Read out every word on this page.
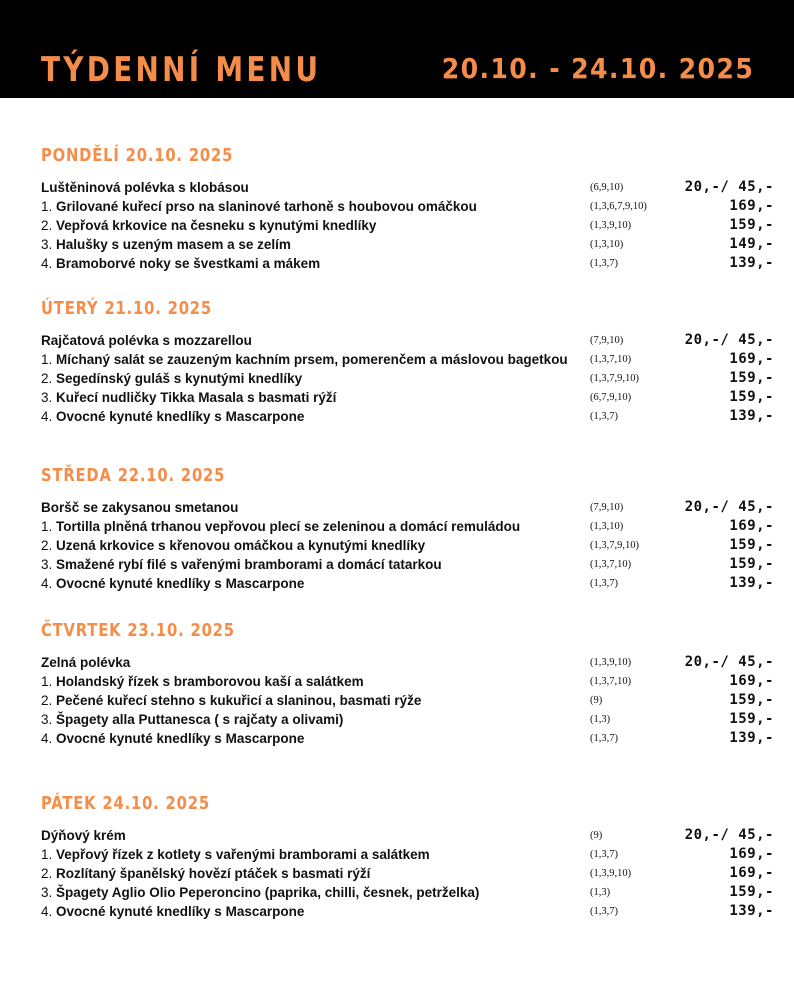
TÝDENNÍ MENU	20.10. - 24.10. 2025
PONDĚLÍ 20.10. 2025
Luštěninová polévka s klobásou	(6,9,10)	20,-/ 45,-
1. Grilované kuřecí prso na slaninové tarhoně s houbovou omáčkou	(1,3,6,7,9,10)	169,-
2. Vepřová krkovice na česneku s kynutými knedlíky	(1,3,9,10)	159,-
3. Halušky s uzeným masem a se zelím	(1,3,10)	149,-
4. Bramoborvé noky se švestkami a mákem	(1,3,7)	139,-
ÚTERÝ 21.10. 2025
Rajčatová polévka s mozzarellou	(7,9,10)	20,-/ 45,-
1. Míchaný salát se zauzeným kachním prsem, pomerenčem a máslovou bagetkou (1,3,7,10)	169,-
2. Segedínský guláš s kynutými knedlíky	(1,3,7,9,10)	159,-
3. Kuřecí nudličky Tikka Masala s basmati rýží	(6,7,9,10)	159,-
4. Ovocné kynuté knedlíky s Mascarpone	(1,3,7)	139,-
STŘEDA 22.10. 2025
Boršč se zakysanou smetanou	(7,9,10)	20,-/ 45,-
1. Tortilla plněná trhanou vepřovou plecí se zeleninou a domácí remuládou	(1,3,10)	169,-
2. Uzená krkovice s křenovou omáčkou a kynutými knedlíky	(1,3,7,9,10)	159,-
3. Smažené rybí filé s vařenými bramborami a domácí tatarkou	(1,3,7,10)	159,-
4. Ovocné kynuté knedlíky s Mascarpone	(1,3,7)	139,-
ČTVRTEK 23.10. 2025
Zelná polévka	(1,3,9,10)	20,-/ 45,-
1. Holandský řízek s bramborovou kaší a salátkem	(1,3,7,10)	169,-
2. Pečené kuřecí stehno s kukuřicí a slaninou, basmati rýže	(9)	159,-
3. Špagety alla Puttanesca ( s rajčaty a olivami)	(1,3)	159,-
4. Ovocné kynuté knedlíky s Mascarpone	(1,3,7)	139,-
PÁTEK 24.10. 2025
Dýňový krém	(9)	20,-/ 45,-
1. Vepřový řízek z kotlety s vařenými bramborami a salátkem	(1,3,7)	169,-
2. Rozlítaný španělský hovězí ptáček s basmati rýží	(1,3,9,10)	169,-
3. Špagety Aglio Olio Peperoncino (paprika, chilli, česnek, petrželka)	(1,3)	159,-
4. Ovocné kynuté knedlíky s Mascarpone	(1,3,7)	139,-
